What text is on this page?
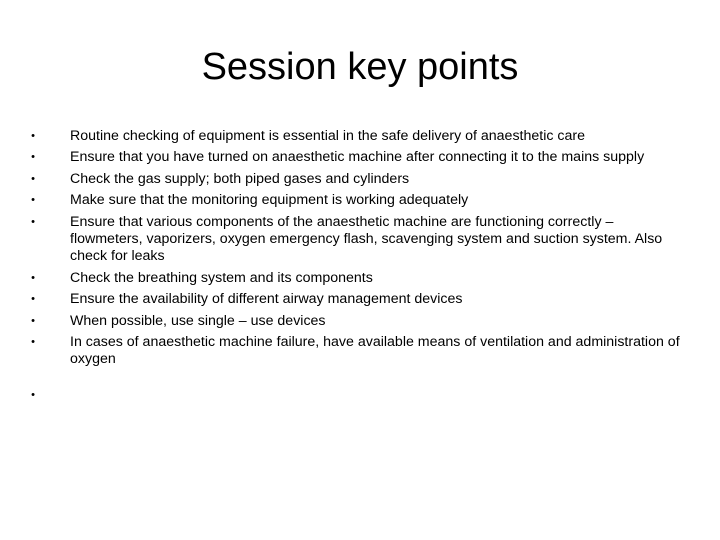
Session key points
• Routine checking of equipment is essential in the safe delivery of anaesthetic care
• Ensure that you have turned on anaesthetic machine after connecting it to the mains supply
• Check the gas supply; both piped gases and cylinders
• Make sure that the monitoring equipment is working adequately
• Ensure that various components of the anaesthetic machine are functioning correctly – flowmeters, vaporizers, oxygen emergency flash, scavenging system and suction system. Also check for leaks
• Check the breathing system and its components
• Ensure the availability of different airway management devices
• When possible, use single – use devices
• In cases of anaesthetic machine failure, have available means of ventilation and administration of oxygen
•
